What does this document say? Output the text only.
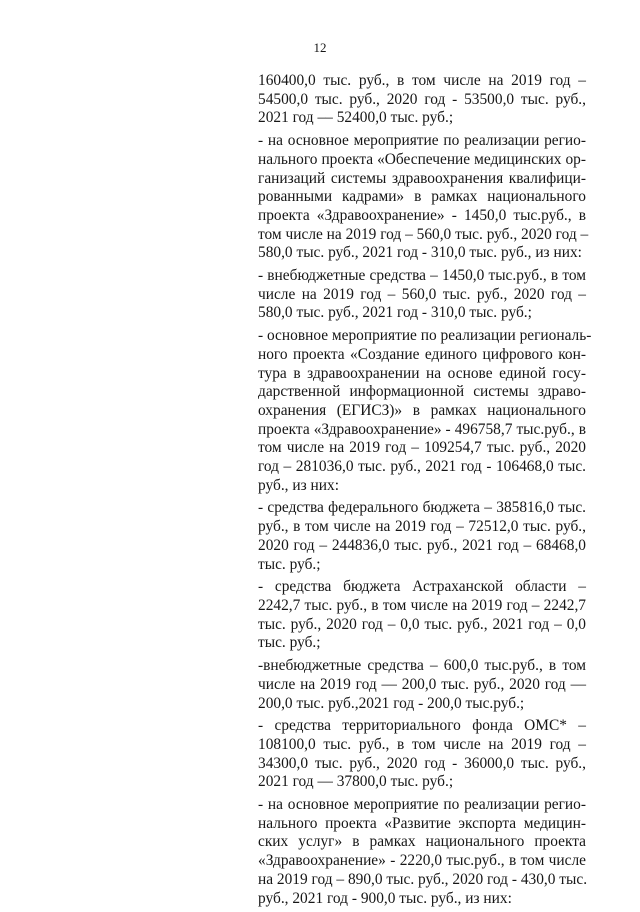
12
160400,0 тыс. руб., в том числе на 2019 год –
54500,0 тыс. руб., 2020 год - 53500,0 тыс. руб.,
2021 год –– 52400,0 тыс. руб.;
- на основное мероприятие по реализации регио-
нального проекта «Обеспечение медицинских ор-
ганизаций системы здравоохранения квалифици-
рованными кадрами» в рамках национального
проекта «Здравоохранение» - 1450,0 тыс.руб., в
том числе на 2019 год – 560,0 тыс. руб., 2020 год –
580,0 тыс. руб., 2021 год - 310,0 тыс. руб., из них:
- внебюджетные средства – 1450,0 тыс.руб., в том
числе на 2019 год – 560,0 тыс. руб., 2020 год –
580,0 тыс. руб., 2021 год - 310,0 тыс. руб.;
- основное мероприятие по реализации региональ-
ного проекта «Создание единого цифрового кон-
тура в здравоохранении на основе единой госу-
дарственной информационной системы здраво-
охранения (ЕГИСЗ)» в рамках национального
проекта «Здравоохранение» - 496758,7 тыс.руб., в
том числе на 2019 год – 109254,7 тыс. руб., 2020
год – 281036,0 тыс. руб., 2021 год - 106468,0 тыс.
руб., из них:
- средства федерального бюджета – 385816,0 тыс.
руб., в том числе на 2019 год – 72512,0 тыс. руб.,
2020 год – 244836,0 тыс. руб., 2021 год – 68468,0
тыс. руб.;
- средства бюджета Астраханской области –
2242,7 тыс. руб., в том числе на 2019 год – 2242,7
тыс. руб., 2020 год – 0,0 тыс. руб., 2021 год – 0,0
тыс. руб.;
-внебюджетные средства – 600,0 тыс.руб., в том
числе на 2019 год — 200,0 тыс. руб., 2020 год —
200,0 тыс. руб.,2021 год - 200,0 тыс.руб.;
- средства территориального фонда ОМС* –
108100,0 тыс. руб., в том числе на 2019 год –
34300,0 тыс. руб., 2020 год - 36000,0 тыс. руб.,
2021 год — 37800,0 тыс. руб.;
- на основное мероприятие по реализации регио-
нального проекта «Развитие экспорта медицин-
ских услуг» в рамках национального проекта
«Здравоохранение» - 2220,0 тыс.руб., в том числе
на 2019 год – 890,0 тыс. руб., 2020 год - 430,0 тыс.
руб., 2021 год - 900,0 тыс. руб., из них:
